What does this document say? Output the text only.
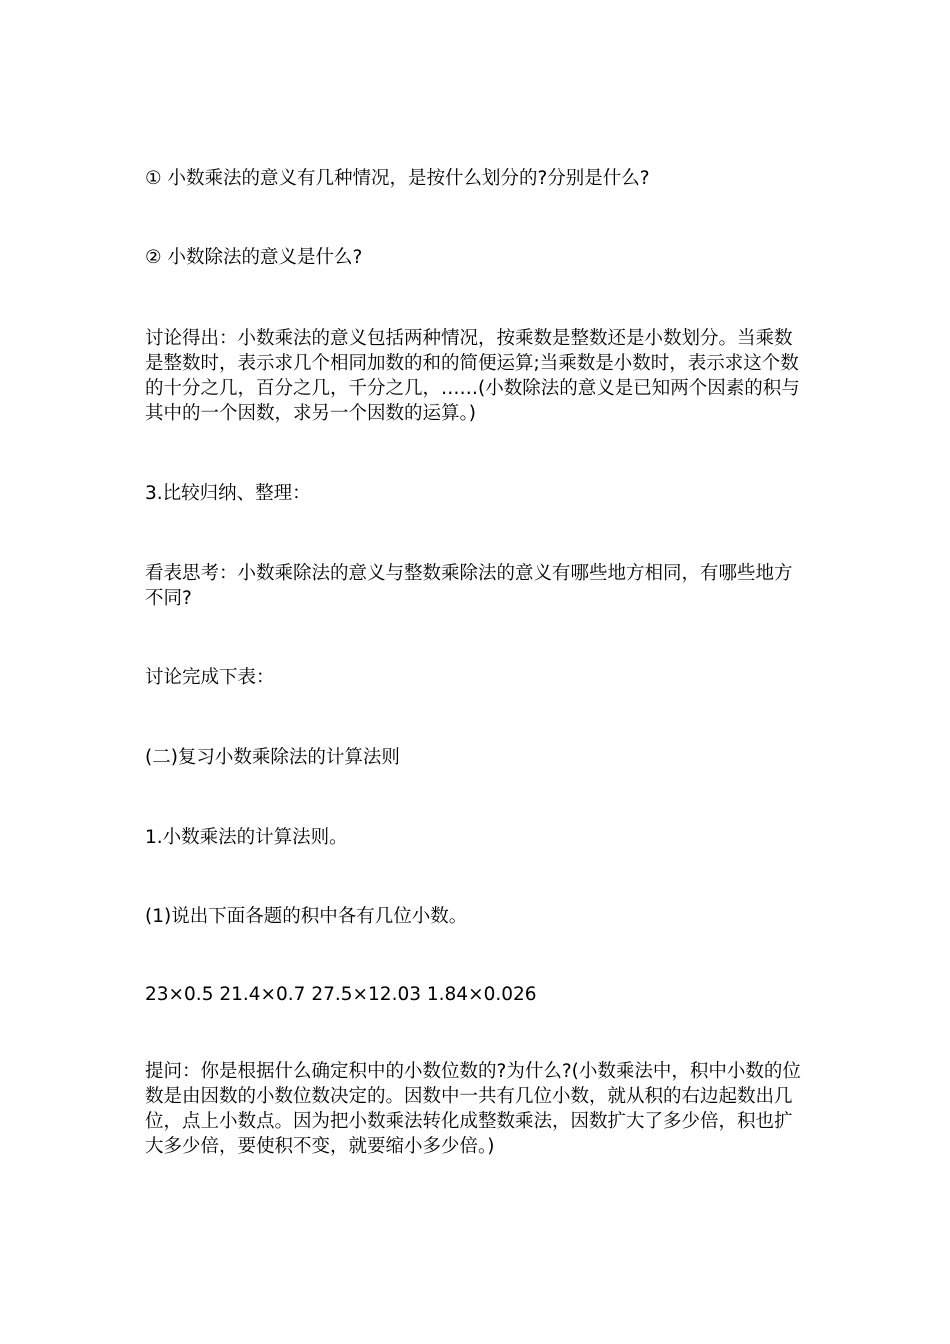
① 小数乘法的意义有几种情况，是按什么划分的?分别是什么?

② 小数除法的意义是什么?

讨论得出：小数乘法的意义包括两种情况，按乘数是整数还是小数划分。当乘数是整数时，表示求几个相同加数的和的简便运算;当乘数是小数时，表示求这个数的十分之几，百分之几，千分之几，……(小数除法的意义是已知两个因素的积与其中的一个因数，求另一个因数的运算。)

3.比较归纳、整理：

看表思考：小数乘除法的意义与整数乘除法的意义有哪些地方相同，有哪些地方不同?

讨论完成下表：

(二)复习小数乘除法的计算法则

1.小数乘法的计算法则。

(1)说出下面各题的积中各有几位小数。

23×0.5 21.4×0.7 27.5×12.03 1.84×0.026

提问：你是根据什么确定积中的小数位数的?为什么?(小数乘法中，积中小数的位数是由因数的小数位数决定的。因数中一共有几位小数，就从积的右边起数出几位，点上小数点。因为把小数乘法转化成整数乘法，因数扩大了多少倍，积也扩大多少倍，要使积不变，就要缩小多少倍。)
